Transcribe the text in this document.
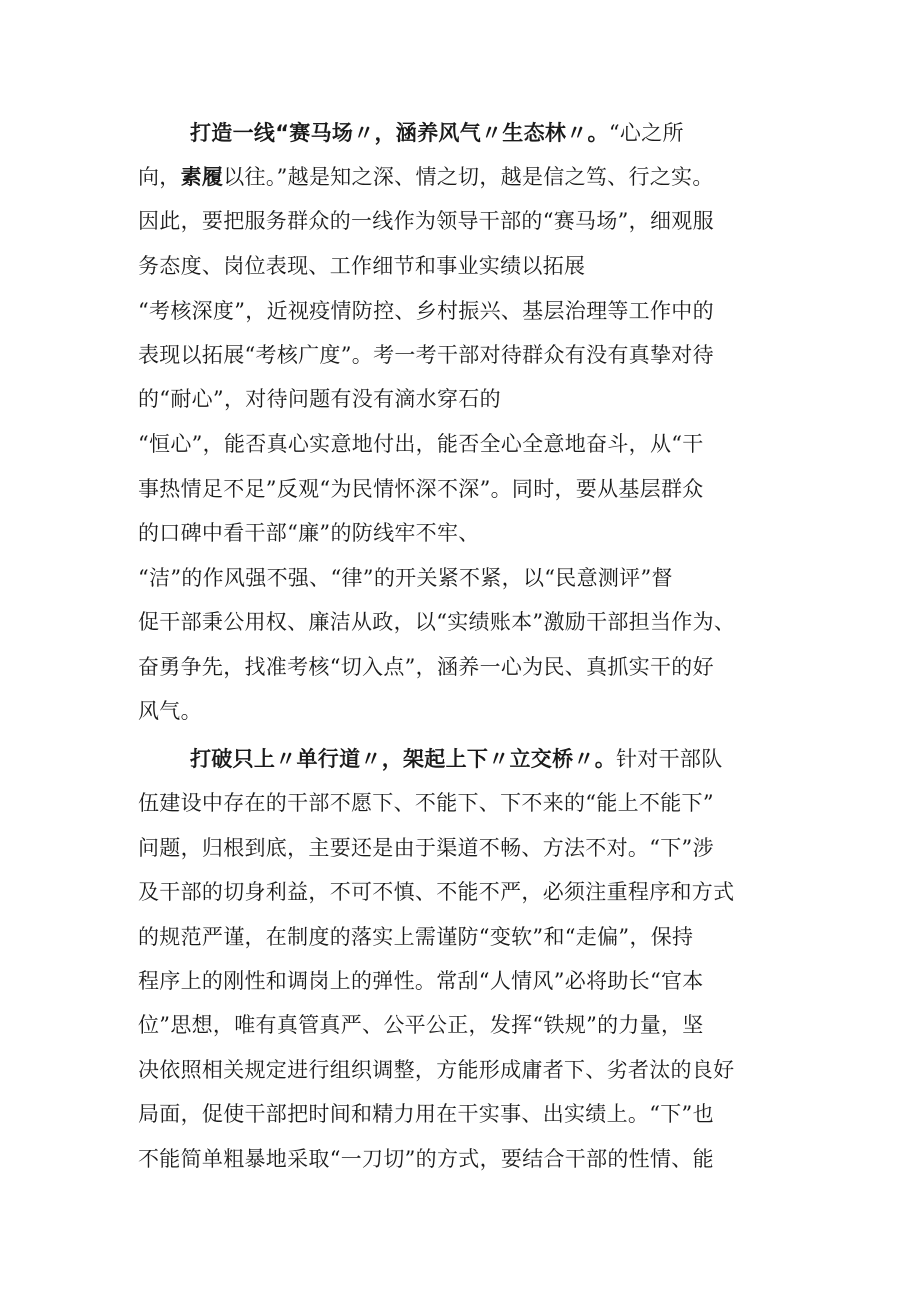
打造一线“赛马场〃，涵养风气〃生态林〃。“心之所
向，素履以往。”越是知之深、情之切，越是信之笃、行之实。
因此，要把服务群众的一线作为领导干部的“赛马场”，细观服
务态度、岗位表现、工作细节和事业实绩以拓展
“考核深度”，近视疫情防控、乡村振兴、基层治理等工作中的
表现以拓展“考核广度”。考一考干部对待群众有没有真挚对待
的“耐心”，对待问题有没有滴水穿石的
“恒心”，能否真心实意地付出，能否全心全意地奋斗，从“干
事热情足不足”反观“为民情怀深不深”。同时，要从基层群众
的口碑中看干部“廉”的防线牢不牢、
“洁”的作风强不强、“律”的开关紧不紧，以“民意测评”督
促干部秉公用权、廉洁从政，以“实绩账本”激励干部担当作为、
奋勇争先，找准考核“切入点”，涵养一心为民、真抓实干的好
风气。
打破只上〃单行道〃，架起上下〃立交桥〃。针对干部队
伍建设中存在的干部不愿下、不能下、下不来的“能上不能下”
问题，归根到底，主要还是由于渠道不畅、方法不对。“下”涉
及干部的切身利益，不可不慎、不能不严，必须注重程序和方式
的规范严谨，在制度的落实上需谨防“变软”和“走偏”，保持
程序上的刚性和调岗上的弹性。常刮“人情风”必将助长“官本
位”思想，唯有真管真严、公平公正，发挥“铁规”的力量，坚
决依照相关规定进行组织调整，方能形成庸者下、劣者汰的良好
局面，促使干部把时间和精力用在干实事、出实绩上。“下”也
不能简单粗暴地采取“一刀切”的方式，要结合干部的性情、能
